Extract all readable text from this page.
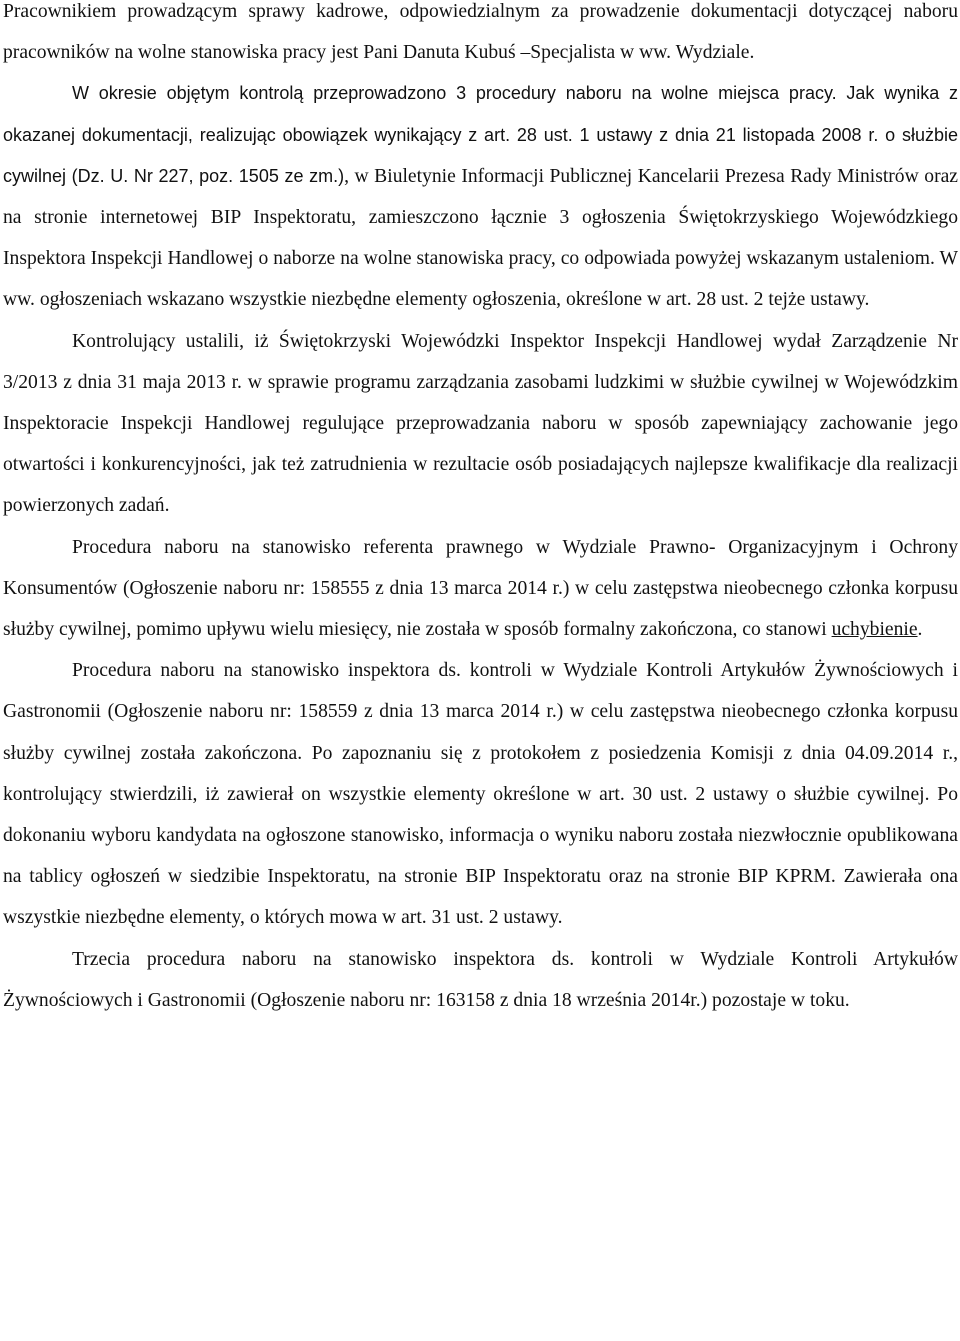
Pracownikiem prowadzącym sprawy kadrowe, odpowiedzialnym za prowadzenie dokumentacji dotyczącej naboru pracowników na wolne stanowiska pracy jest Pani Danuta Kubuś –Specjalista w ww. Wydziale.

W okresie objętym kontrolą przeprowadzono 3 procedury naboru na wolne miejsca pracy. Jak wynika z okazanej dokumentacji, realizując obowiązek wynikający z art. 28 ust. 1 ustawy z dnia 21 listopada 2008 r. o służbie cywilnej (Dz. U. Nr 227, poz. 1505 ze zm.), w Biuletynie Informacji Publicznej Kancelarii Prezesa Rady Ministrów oraz na stronie internetowej BIP Inspektoratu, zamieszczono łącznie 3 ogłoszenia Świętokrzyskiego Wojewódzkiego Inspektora Inspekcji Handlowej o naborze na wolne stanowiska pracy, co odpowiada powyżej wskazanym ustaleniom. W ww. ogłoszeniach wskazano wszystkie niezbędne elementy ogłoszenia, określone w art. 28 ust. 2 tejże ustawy.

Kontrolujący ustalili, iż Świętokrzyski Wojewódzki Inspektor Inspekcji Handlowej wydał Zarządzenie Nr 3/2013 z dnia 31 maja 2013 r. w sprawie programu zarządzania zasobami ludzkimi w służbie cywilnej w Wojewódzkim Inspektoracie Inspekcji Handlowej regulujące przeprowadzania naboru w sposób zapewniający zachowanie jego otwartości i konkurencyjności, jak też zatrudnienia w rezultacie osób posiadających najlepsze kwalifikacje dla realizacji powierzonych zadań.

Procedura naboru na stanowisko referenta prawnego w Wydziale Prawno- Organizacyjnym i Ochrony Konsumentów (Ogłoszenie naboru nr: 158555 z dnia 13 marca 2014 r.) w celu zastępstwa nieobecnego członka korpusu służby cywilnej, pomimo upływu wielu miesięcy, nie została w sposób formalny zakończona, co stanowi uchybienie.

Procedura naboru na stanowisko inspektora ds. kontroli w Wydziale Kontroli Artykułów Żywnościowych i Gastronomii (Ogłoszenie naboru nr: 158559 z dnia 13 marca 2014 r.) w celu zastępstwa nieobecnego członka korpusu służby cywilnej została zakończona. Po zapoznaniu się z protokołem z posiedzenia Komisji z dnia 04.09.2014 r., kontrolujący stwierdzili, iż zawierał on wszystkie elementy określone w art. 30 ust. 2 ustawy o służbie cywilnej. Po dokonaniu wyboru kandydata na ogłoszone stanowisko, informacja o wyniku naboru została niezwłocznie opublikowana na tablicy ogłoszeń w siedzibie Inspektoratu, na stronie BIP Inspektoratu oraz na stronie BIP KPRM. Zawierała ona wszystkie niezbędne elementy, o których mowa w art. 31 ust. 2 ustawy.

Trzecia procedura naboru na stanowisko inspektora ds. kontroli w Wydziale Kontroli Artykułów Żywnościowych i Gastronomii (Ogłoszenie naboru nr: 163158 z dnia 18 września 2014r.) pozostaje w toku.
